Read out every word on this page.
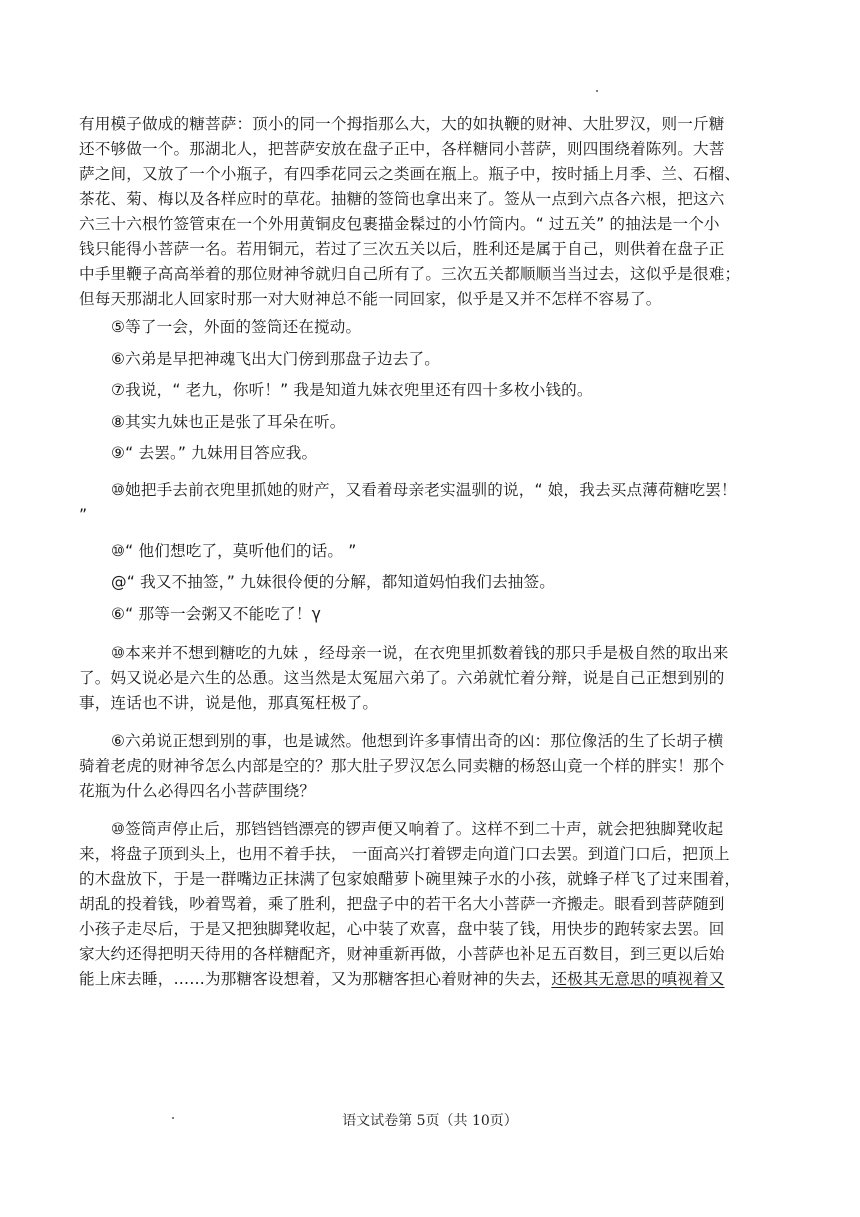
有用模子做成的糖菩萨：顶小的同一个拇指那么大，大的如执鞭的财神、大肚罗汉，则一斤糖
还不够做一个。那湖北人，把菩萨安放在盘子正中，各样糖同小菩萨，则四围绕着陈列。大菩
萨之间，又放了一个小瓶子，有四季花同云之类画在瓶上。瓶子中，按时插上月季、兰、石榴、
茶花、菊、梅以及各样应时的草花。抽糖的签筒也拿出来了。签从一点到六点各六根，把这六
六三十六根竹签管束在一个外用黄铜皮包裹描金髹过的小竹筒内。“ 过五关” 的抽法是一个小
钱只能得小菩萨一名。若用铜元，若过了三次五关以后，胜利还是属于自己，则供着在盘子正
中手里鞭子高高举着的那位财神爷就归自己所有了。三次五关都顺顺当当过去，这似乎是很难；
但每天那湖北人回家时那一对大财神总不能一同回家，似乎是又并不怎样不容易了。
⑤等了一会，外面的签筒还在搅动。
⑥六弟是早把神魂飞出大门傍到那盘子边去了。
⑦我说，“ 老九，你听！” 我是知道九妹衣兜里还有四十多枚小钱的。
⑧其实九妹也正是张了耳朵在听。
⑨“ 去罢。” 九妹用目答应我。
⑩她把手去前衣兜里抓她的财产，又看着母亲老实温驯的说，“ 娘，我去买点薄荷糖吃罢！
”
⑩“ 他们想吃了，莫听他们的话。 ”
@“ 我又不抽签，” 九妹很伶便的分解，都知道妈怕我们去抽签。
⑥“ 那等一会粥又不能吃了！γ
⑩本来并不想到糖吃的九妹 ，经母亲一说，在衣兜里抓数着钱的那只手是极自然的取出来
了。妈又说必是六生的怂恿。这当然是太冤屈六弟了。六弟就忙着分辩，说是自己正想到别的
事，连话也不讲，说是他，那真冤枉极了。
⑥六弟说正想到别的事，也是诚然。他想到许多事情出奇的凶：那位像活的生了长胡子横
骑着老虎的财神爷怎么内部是空的？那大肚子罗汉怎么同卖糖的杨怒山竟一个样的胖实！那个
花瓶为什么必得四名小菩萨围绕？
⑩签筒声停止后，那铛铛铛漂亮的锣声便又响着了。这样不到二十声，就会把独脚凳收起
来，将盘子顶到头上，也用不着手扶， 一面高兴打着锣走向道门口去罢。到道门口后，把顶上
的木盘放下，于是一群嘴边正抹满了包家娘醋萝卜碗里辣子水的小孩，就蜂子样飞了过来围着，
胡乱的投着钱，吵着骂着，乘了胜利，把盘子中的若干名大小菩萨一齐搬走。眼看到菩萨随到
小孩子走尽后，于是又把独脚凳收起，心中装了欢喜，盘中装了钱，用快步的跑转家去罢。回
家大约还得把明天待用的各样糖配齐，财神重新再做，小菩萨也补足五百数目，到三更以后始
能上床去睡，……为那糖客设想着，又为那糖客担心着财神的失去，还极其无意思的嗔视着又
语文试卷第 5页（共 10页）
